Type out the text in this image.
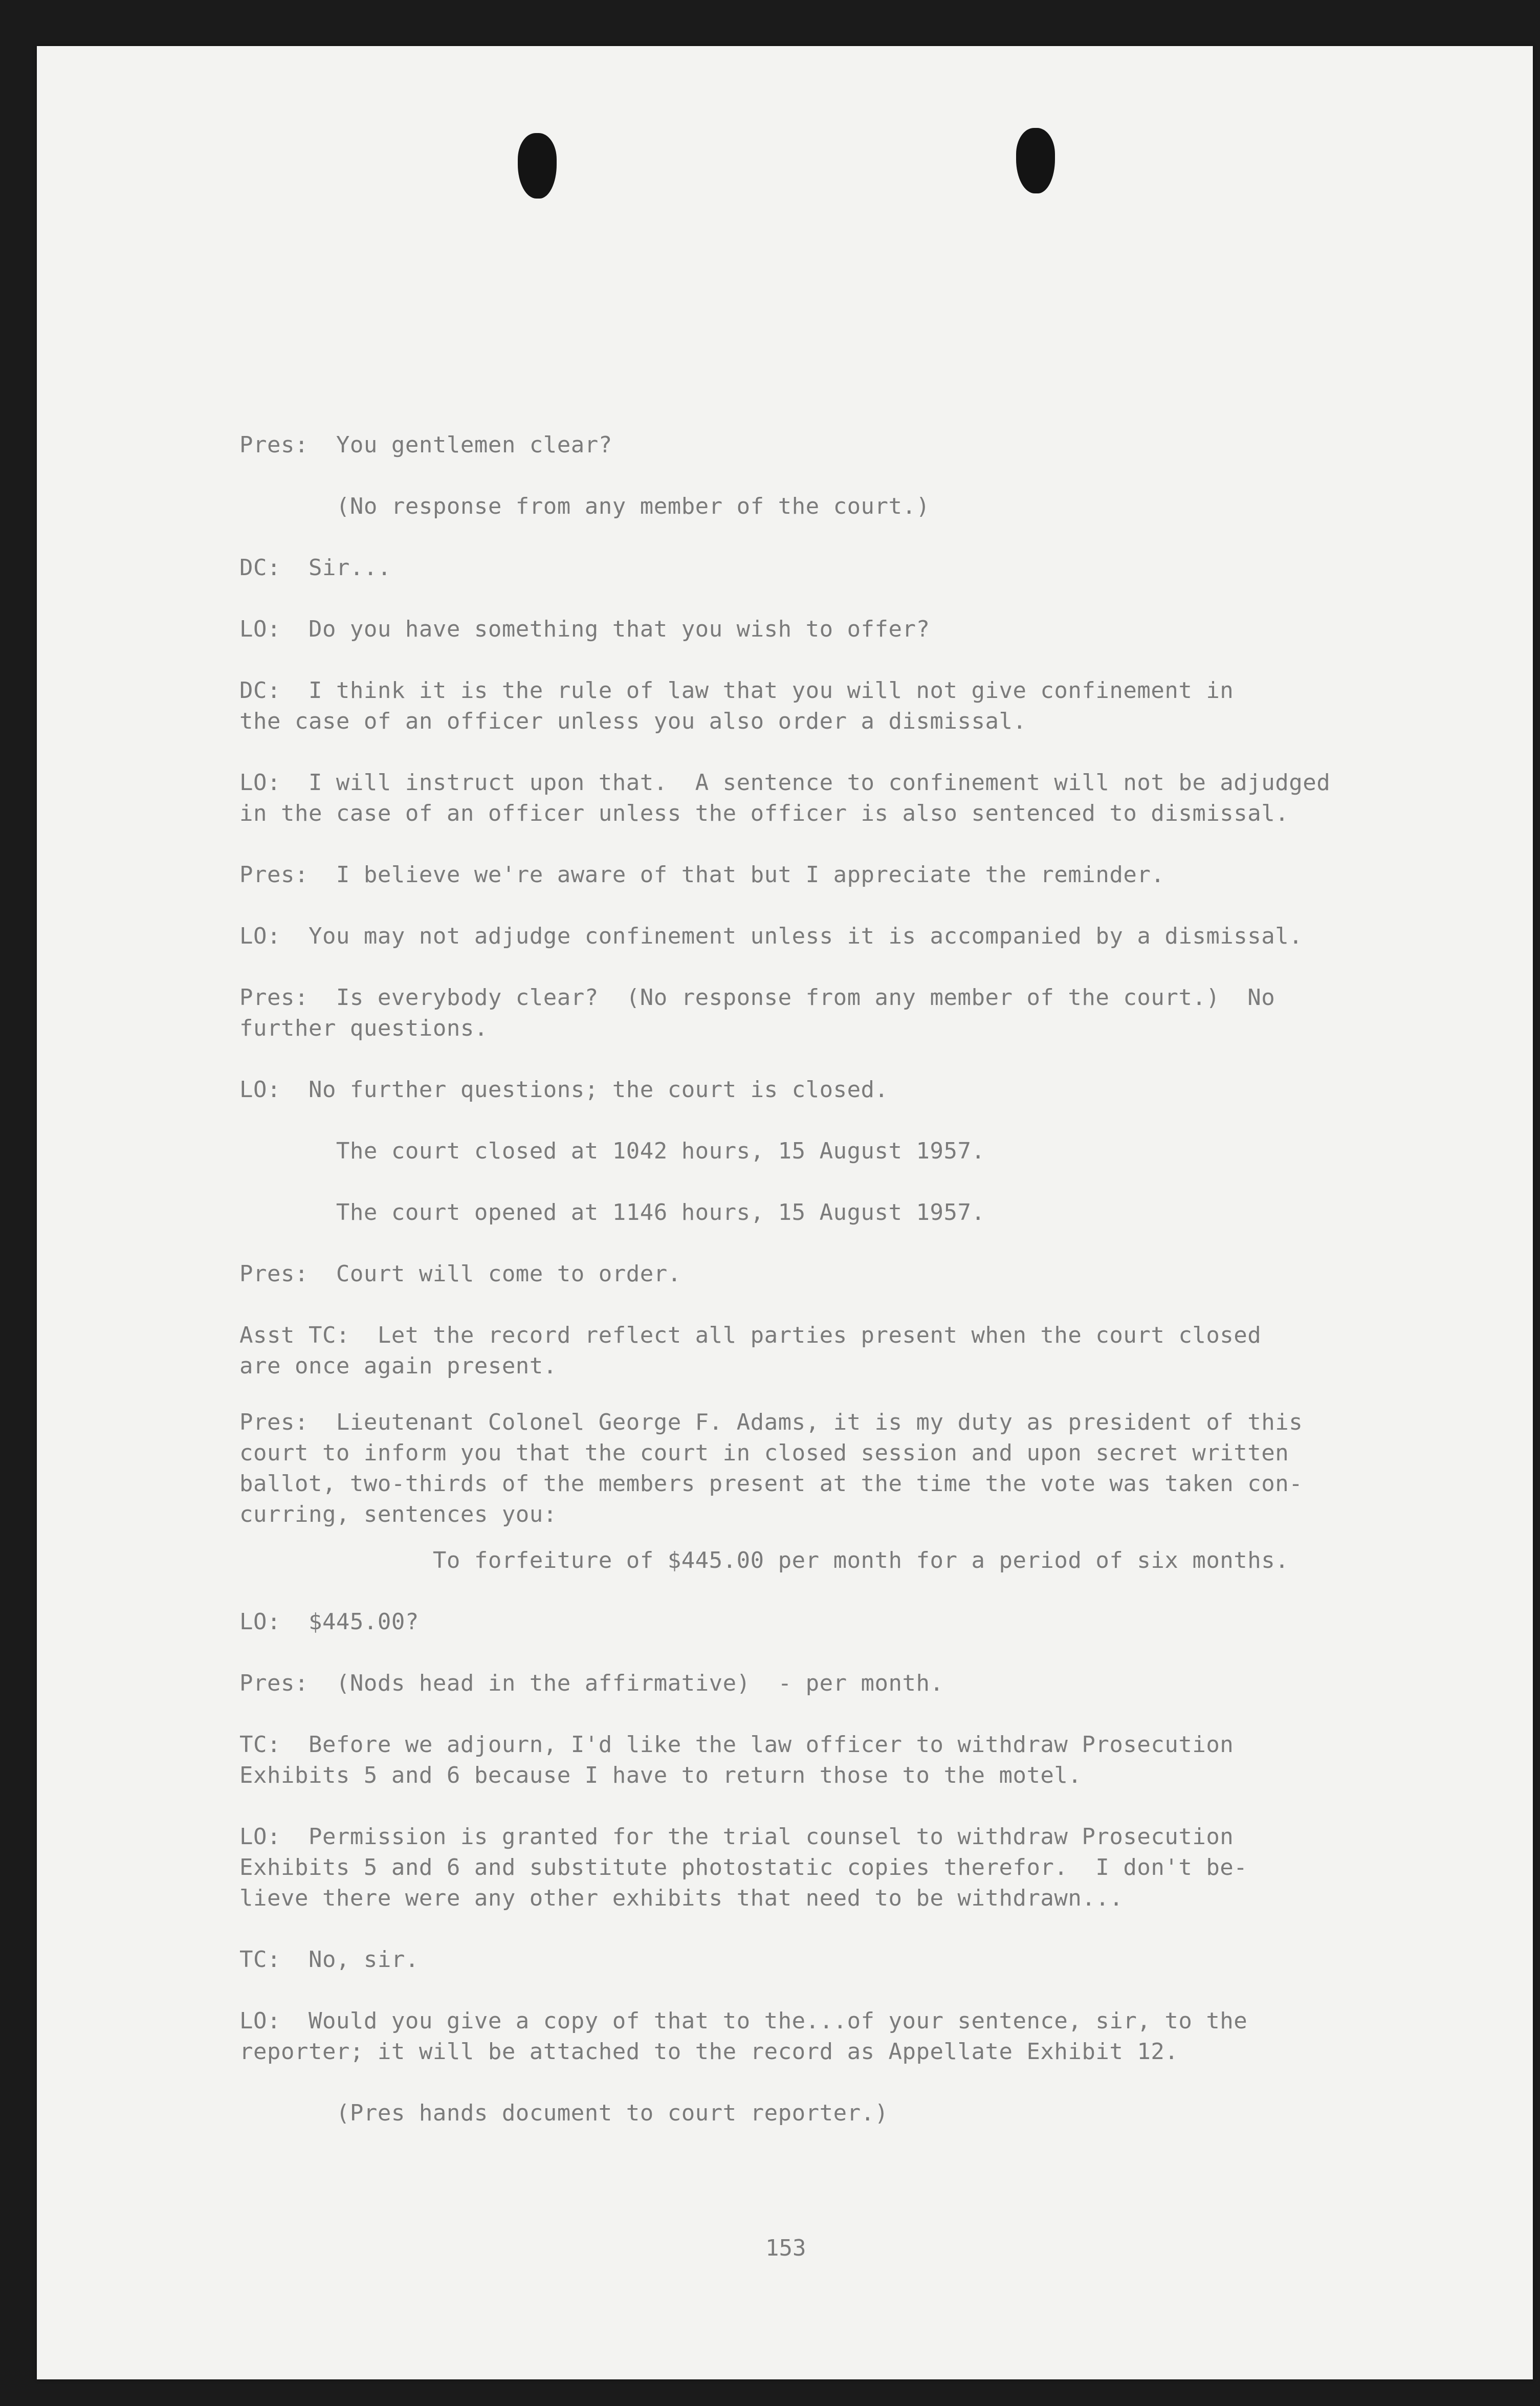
Pres:  You gentlemen clear?

(No response from any member of the court.)

DC:  Sir...

LO:  Do you have something that you wish to offer?

DC:  I think it is the rule of law that you will not give confinement in
the case of an officer unless you also order a dismissal.

LO:  I will instruct upon that.  A sentence to confinement will not be adjudged
in the case of an officer unless the officer is also sentenced to dismissal.

Pres:  I believe we're aware of that but I appreciate the reminder.

LO:  You may not adjudge confinement unless it is accompanied by a dismissal.

Pres:  Is everybody clear?  (No response from any member of the court.)  No
further questions.

LO:  No further questions; the court is closed.

The court closed at 1042 hours, 15 August 1957.

The court opened at 1146 hours, 15 August 1957.

Pres:  Court will come to order.

Asst TC:  Let the record reflect all parties present when the court closed
are once again present.

Pres:  Lieutenant Colonel George F. Adams, it is my duty as president of this
court to inform you that the court in closed session and upon secret written
ballot, two-thirds of the members present at the time the vote was taken con-
curring, sentences you:

To forfeiture of $445.00 per month for a period of six months.

LO:  $445.00?

Pres:  (Nods head in the affirmative)  - per month.

TC:  Before we adjourn, I'd like the law officer to withdraw Prosecution
Exhibits 5 and 6 because I have to return those to the motel.

LO:  Permission is granted for the trial counsel to withdraw Prosecution
Exhibits 5 and 6 and substitute photostatic copies therefor.  I don't be-
lieve there were any other exhibits that need to be withdrawn...

TC:  No, sir.

LO:  Would you give a copy of that to the...of your sentence, sir, to the
reporter; it will be attached to the record as Appellate Exhibit 12.

(Pres hands document to court reporter.)

153
